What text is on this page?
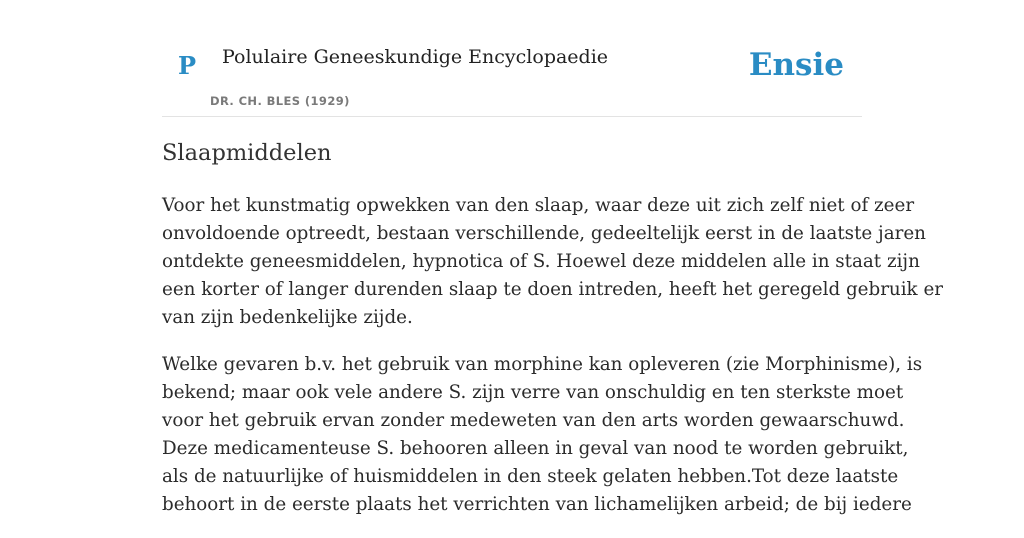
P Polulaire Geneeskundige Encyclopaedie
DR. CH. BLES (1929)
Ensie
Slaapmiddelen

Voor het kunstmatig opwekken van den slaap, waar deze uit zich zelf niet of zeer
onvoldoende optreedt, bestaan verschillende, gedeeltelijk eerst in de laatste jaren
ontdekte geneesmiddelen, hypnotica of S. Hoewel deze middelen alle in staat zijn
een korter of langer durenden slaap te doen intreden, heeft het geregeld gebruik er
van zijn bedenkelijke zijde.

Welke gevaren b.v. het gebruik van morphine kan opleveren (zie Morphinisme), is
bekend; maar ook vele andere S. zijn verre van onschuldig en ten sterkste moet
voor het gebruik ervan zonder medeweten van den arts worden gewaarschuwd.
Deze medicamenteuse S. behooren alleen in geval van nood te worden gebruikt,
als de natuurlijke of huismiddelen in den steek gelaten hebben.Tot deze laatste
behoort in de eerste plaats het verrichten van lichamelijken arbeid; de bij iedere
